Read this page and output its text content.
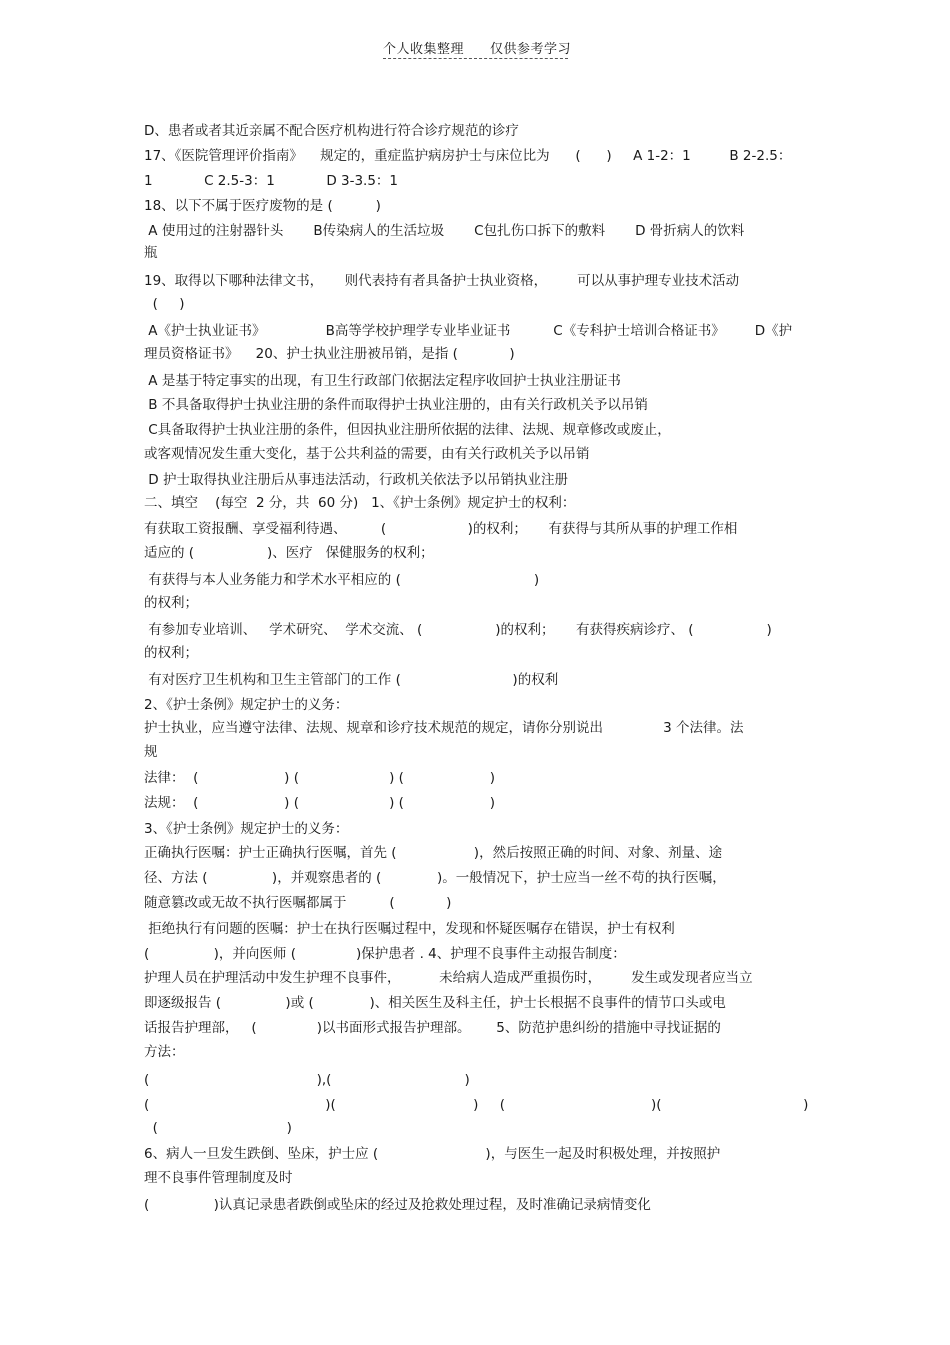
个人收集整理 仅供参考学习
D、患者或者其近亲属不配合医疗机构进行符合诊疗规范的诊疗
17、《医院管理评价指南》    规定的，重症监护病房护士与床位比为      (      )     A 1-2：1         B 2-2.5：
1            C 2.5-3：1            D 3-3.5：1
18、以下不属于医疗废物的是 (          )
A 使用过的注射器针头       B传染病人的生活垃圾       C包扎伤口拆下的敷料       D 骨折病人的饮料
瓶
19、取得以下哪种法律文书，     则代表持有者具备护士执业资格，       可以从事护理专业技术活动
(     )
A《护士执业证书》              B高等学校护理学专业毕业证书          C《专科护士培训合格证书》       D《护
理员资格证书》    20、护士执业注册被吊销，是指 (            )
A 是基于特定事实的出现，有卫生行政部门依据法定程序收回护士执业注册证书
B 不具备取得护士执业注册的条件而取得护士执业注册的，由有关行政机关予以吊销
C具备取得护士执业注册的条件，但因执业注册所依据的法律、法规、规章修改或废止，
或客观情况发生重大变化，基于公共利益的需要，由有关行政机关予以吊销
D 护士取得执业注册后从事违法活动，行政机关依法予以吊销执业注册
二、填空    (每空  2 分，共  60 分)   1、《护士条例》规定护士的权利：
有获取工资报酬、享受福利待遇、        (                   )的权利；     有获得与其所从事的护理工作相
适应的 (                 )、医疗   保健服务的权利；
有获得与本人业务能力和学术水平相应的 (                               )
的权利；
有参加专业培训、   学术研究、  学术交流、 (                 )的权利；     有获得疾病诊疗、 (                 )
的权利；
有对医疗卫生机构和卫生主管部门的工作 (                          )的权利
2、《护士条例》规定护士的义务：
护士执业，应当遵守法律、法规、规章和诊疗技术规范的规定，请你分别说出              3 个法律。法
规
法律：  (                    ) (                     ) (                    )
法规：  (                    ) (                     ) (                    )
3、《护士条例》规定护士的义务：
正确执行医嘱：护士正确执行医嘱，首先 (                  )，然后按照正确的时间、对象、剂量、途
径、方法 (               )，并观察患者的 (             )。一般情况下，护士应当一丝不苟的执行医嘱，
随意篡改或无故不执行医嘱都属于          (            )
拒绝执行有问题的医嘱：护士在执行医嘱过程中，发现和怀疑医嘱存在错误，护士有权利
(               )，并向医师 (              )保护患者 . 4、护理不良事件主动报告制度：
护理人员在护理活动中发生护理不良事件，         未给病人造成严重损伤时，       发生或发现者应当立
即逐级报告 (               )或 (             )、相关医生及科主任，护士长根据不良事件的情节口头或电
话报告护理部，   (              )以书面形式报告护理部。      5、防范护患纠纷的措施中寻找证据的
方法：
(                                       ),(                               )
(                                         )(                                )     (                                  )(                                 )
(                              )
6、病人一旦发生跌倒、坠床，护士应 (                         )，与医生一起及时积极处理，并按照护
理不良事件管理制度及时
(               )认真记录患者跌倒或坠床的经过及抢救处理过程，及时准确记录病情变化
